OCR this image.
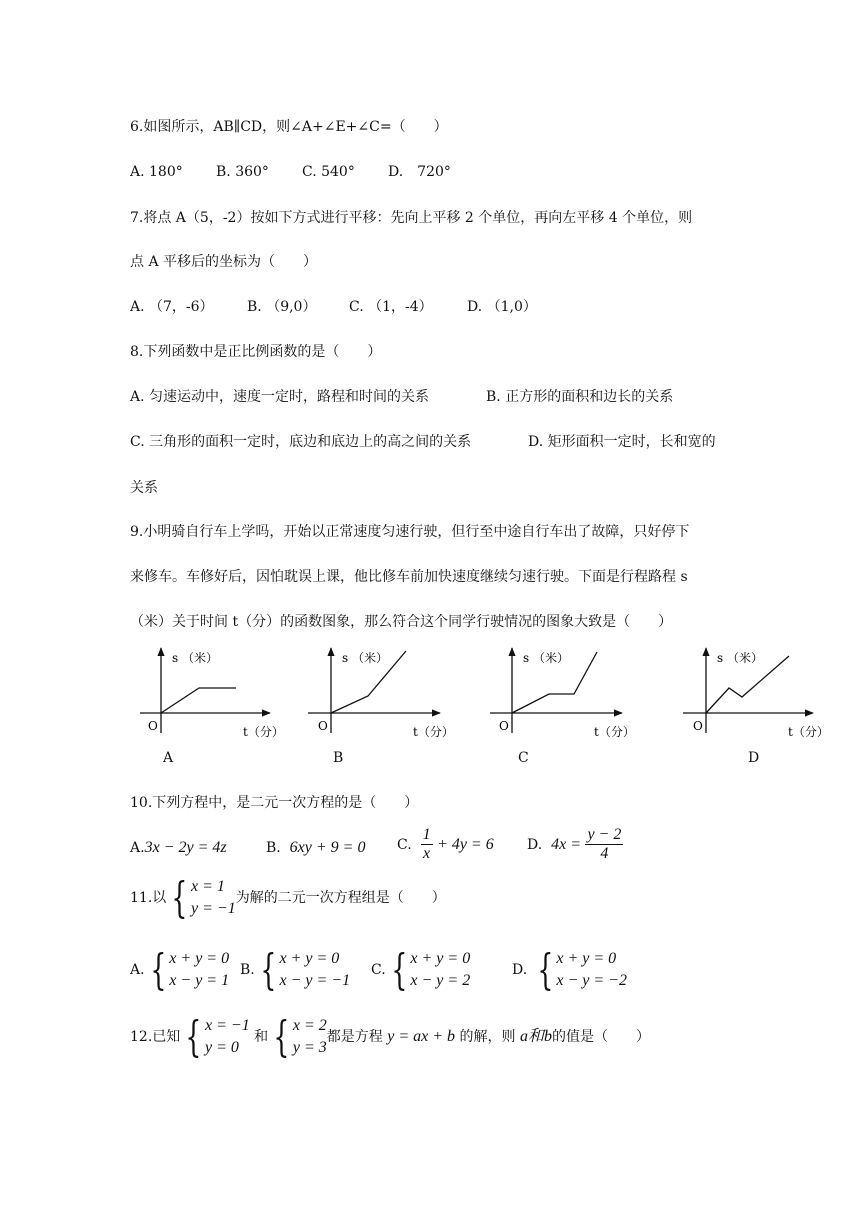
6.如图所示，AB∥CD，则∠A+∠E+∠C=（　　）
A. 180° B. 360° C. 540° D.　720°
7.将点 A（5，-2）按如下方式进行平移：先向上平移 2 个单位，再向左平移 4 个单位，则
点 A 平移后的坐标为（　　）
A. （7，-6） B. （9,0） C. （1，-4） D. （1,0）
8.下列函数中是正比例函数的是（　　）
A. 匀速运动中，速度一定时，路程和时间的关系	B. 正方形的面积和边长的关系
C. 三角形的面积一定时，底边和底边上的高之间的关系	D. 矩形面积一定时，长和宽的
关系
9.小明骑自行车上学吗，开始以正常速度匀速行驶，但行至中途自行车出了故障，只好停下
来修车。车修好后，因怕耽误上课，他比修车前加快速度继续匀速行驶。下面是行程路程 s
（米）关于时间 t（分）的函数图象，那么符合这个同学行驶情况的图象大致是（　　）
s （米）
O	t（分）
s （米）
O	t（分）
s （米）
O	t（分）
s （米）
O	t（分）
A	B	C	D
10.下列方程中，是二元一次方程的是（　　）
A.3x − 2y = 4z	B. 6xy + 9 = 0 C.
$\frac{1}{x}$
+ 4y = 6 D.
4x =
$\frac{y - 2}{4}$
11.以 { x = 1
y = −1
为解的二元一次方程组是（　　）
A. { x + y = 0
x − y = 1
B. { x + y = 0
x − y = −1
C. { x + y = 0
x − y = 2
D.
{ x + y = 0
x − y = −2
12.已知 { x = −1
y = 0

和 { x = 2
y = 3
都是方程
y = ax + b
的解，则
a和b 的值是（　　）
